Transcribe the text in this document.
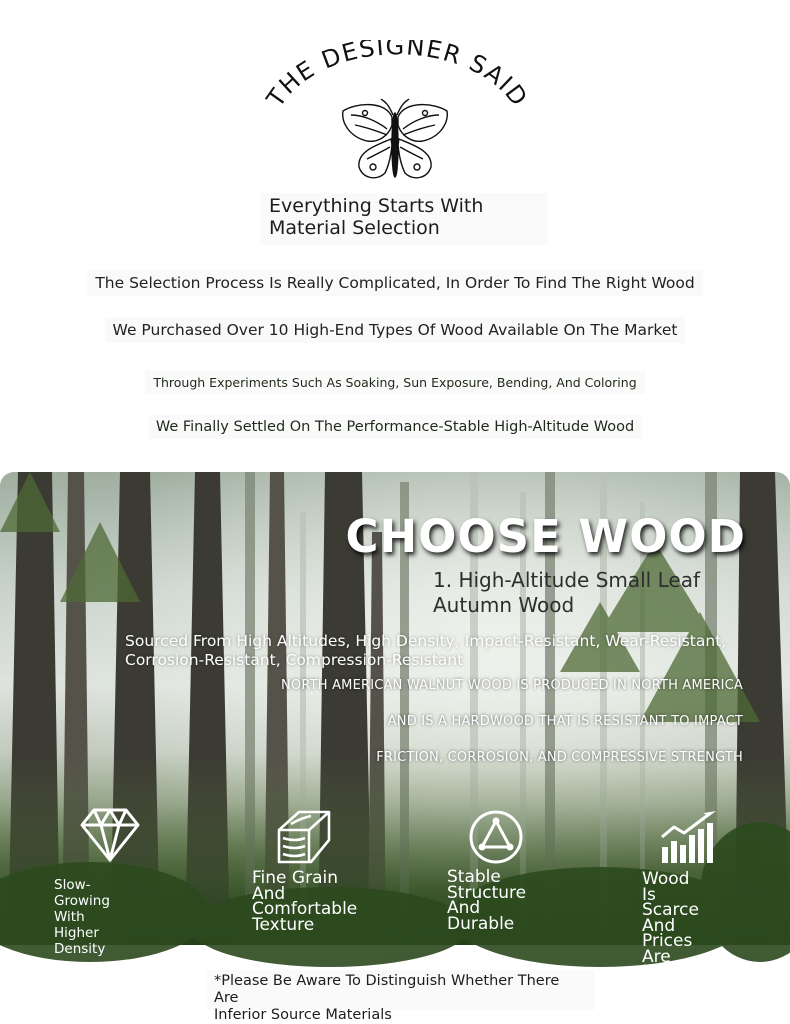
THE DESIGNER SAID
Everything Starts With
Material Selection
The Selection Process Is Really Complicated, In Order To Find The Right Wood
We Purchased Over 10 High-End Types Of Wood Available On The Market
Through Experiments Such As Soaking, Sun Exposure, Bending, And Coloring
We Finally Settled On The Performance-Stable High-Altitude Wood
CHOOSE WOOD
1. High-Altitude Small Leaf
Autumn Wood
Sourced From High Altitudes, High Density, Impact-Resistant, Wear-Resistant,
Corrosion-Resistant, Compression-Resistant
NORTH AMERICAN WALNUT WOOD IS PRODUCED IN NORTH AMERICA
AND IS A HARDWOOD THAT IS RESISTANT TO IMPACT
FRICTION, CORROSION, AND COMPRESSIVE STRENGTH
Slow-Growing
With Higher
Density
Fine Grain
And
Comfortable
Texture
Stable
Structure
And
Durable
Wood Is
Scarce
And Prices
Are Firm
*Please Be Aware To Distinguish Whether There Are
Inferior Source Materials
